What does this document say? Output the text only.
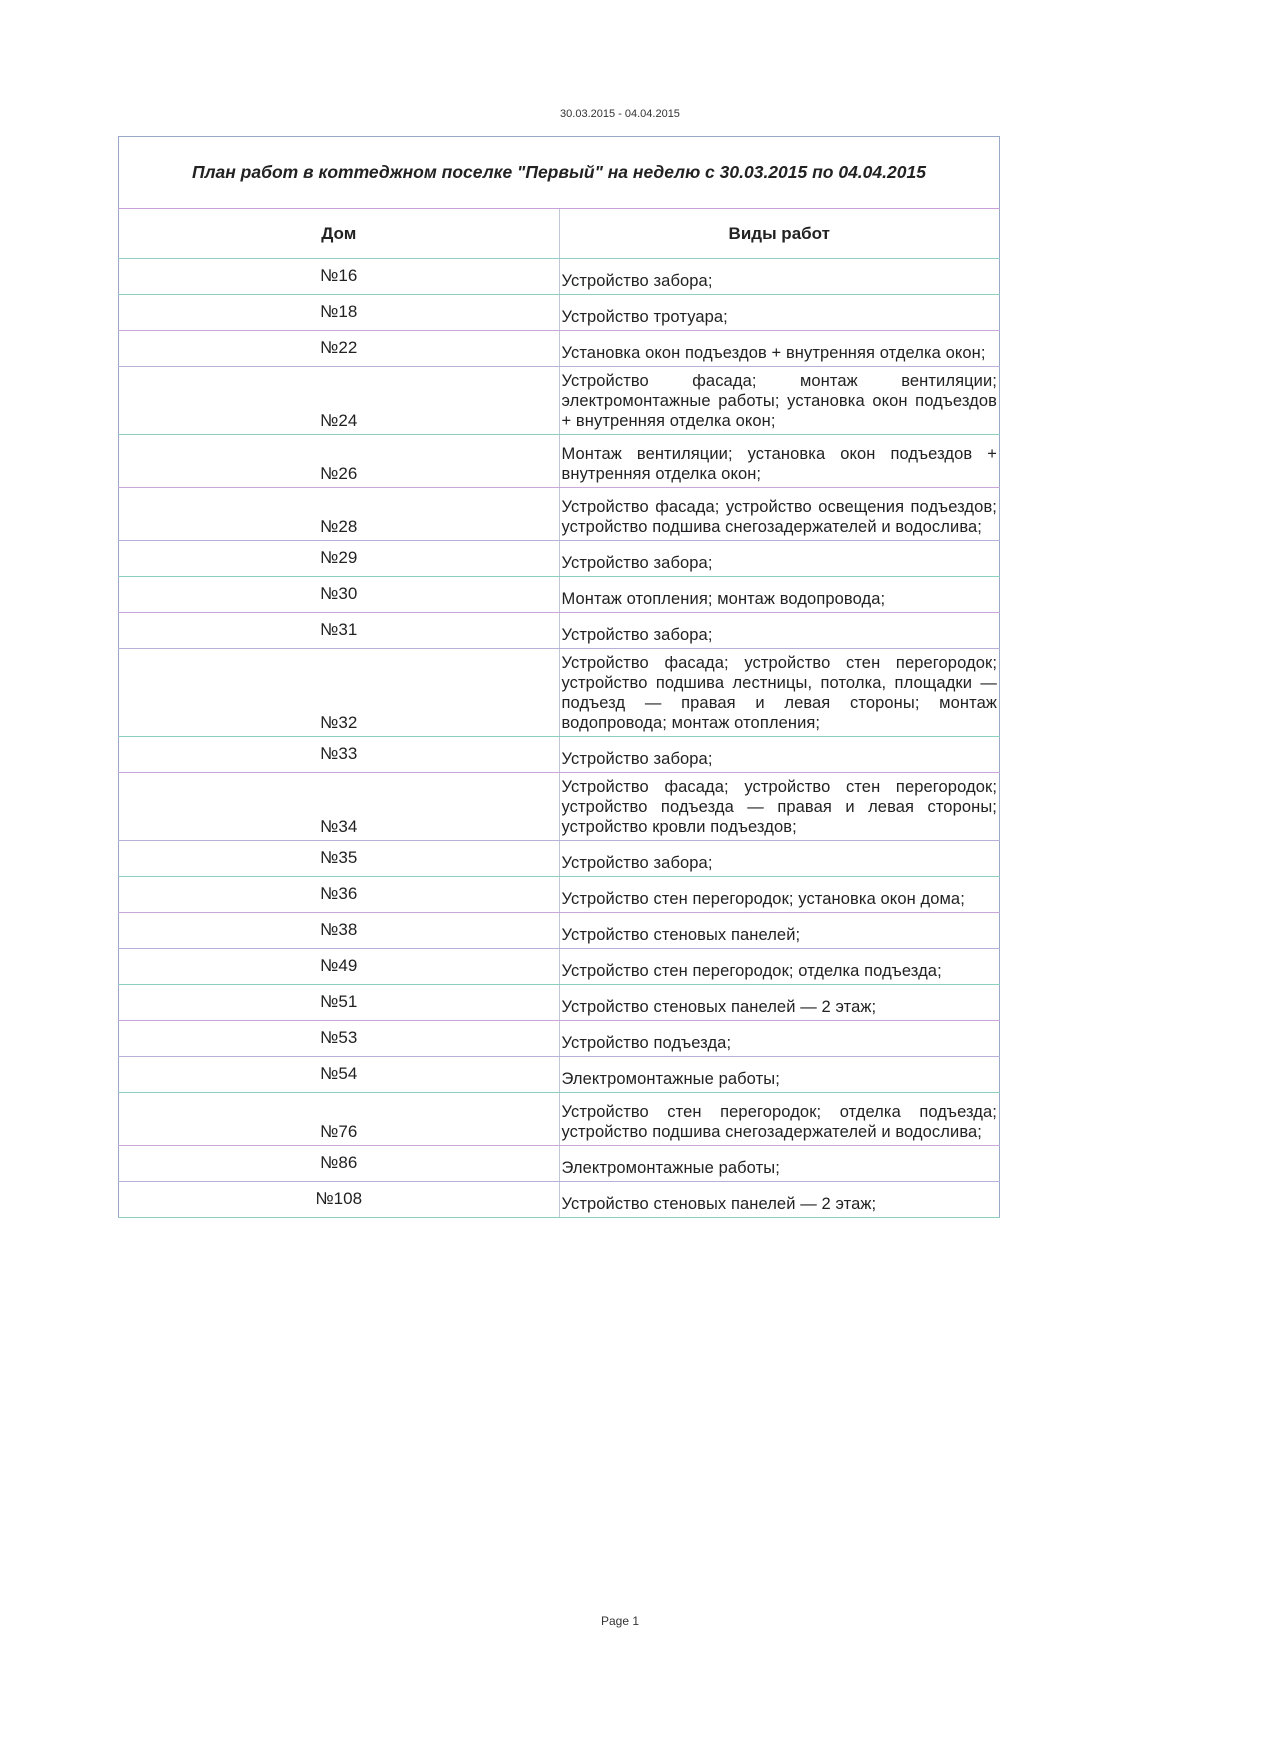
30.03.2015 - 04.04.2015
План работ в коттеджном поселке "Первый" на неделю с 30.03.2015 по 04.04.2015	
Дом	Виды работ
№16	Устройство забора;
№18	Устройство тротуара;
№22	Установка окон подъездов + внутренняя отделка окон;
№24	Устройство фасада; монтаж вентиляции; электромонтажные работы; установка окон подъездов + внутренняя отделка окон;
№26	Монтаж вентиляции; установка окон подъездов + внутренняя отделка окон;
№28	Устройство фасада; устройство освещения подъездов; устройство подшива снегозадержателей и водослива;
№29	Устройство забора;
№30	Монтаж отопления; монтаж водопровода;
№31	Устройство забора;
№32	Устройство фасада; устройство стен перегородок; устройство подшива лестницы, потолка, площадки — подъезд — правая и левая стороны; монтаж водопровода; монтаж отопления;
№33	Устройство забора;
№34	Устройство фасада; устройство стен перегородок; устройство подъезда — правая и левая стороны; устройство кровли подъездов;
№35	Устройство забора;
№36	Устройство стен перегородок; установка окон дома;
№38	Устройство стеновых панелей;
№49	Устройство стен перегородок; отделка подъезда;
№51	Устройство стеновых панелей — 2 этаж;
№53	Устройство подъезда;
№54	Электромонтажные работы;
№76	Устройство стен перегородок; отделка подъезда; устройство подшива снегозадержателей и водослива;
№86	Электромонтажные работы;
№108	Устройство стеновых панелей — 2 этаж;
Page 1
